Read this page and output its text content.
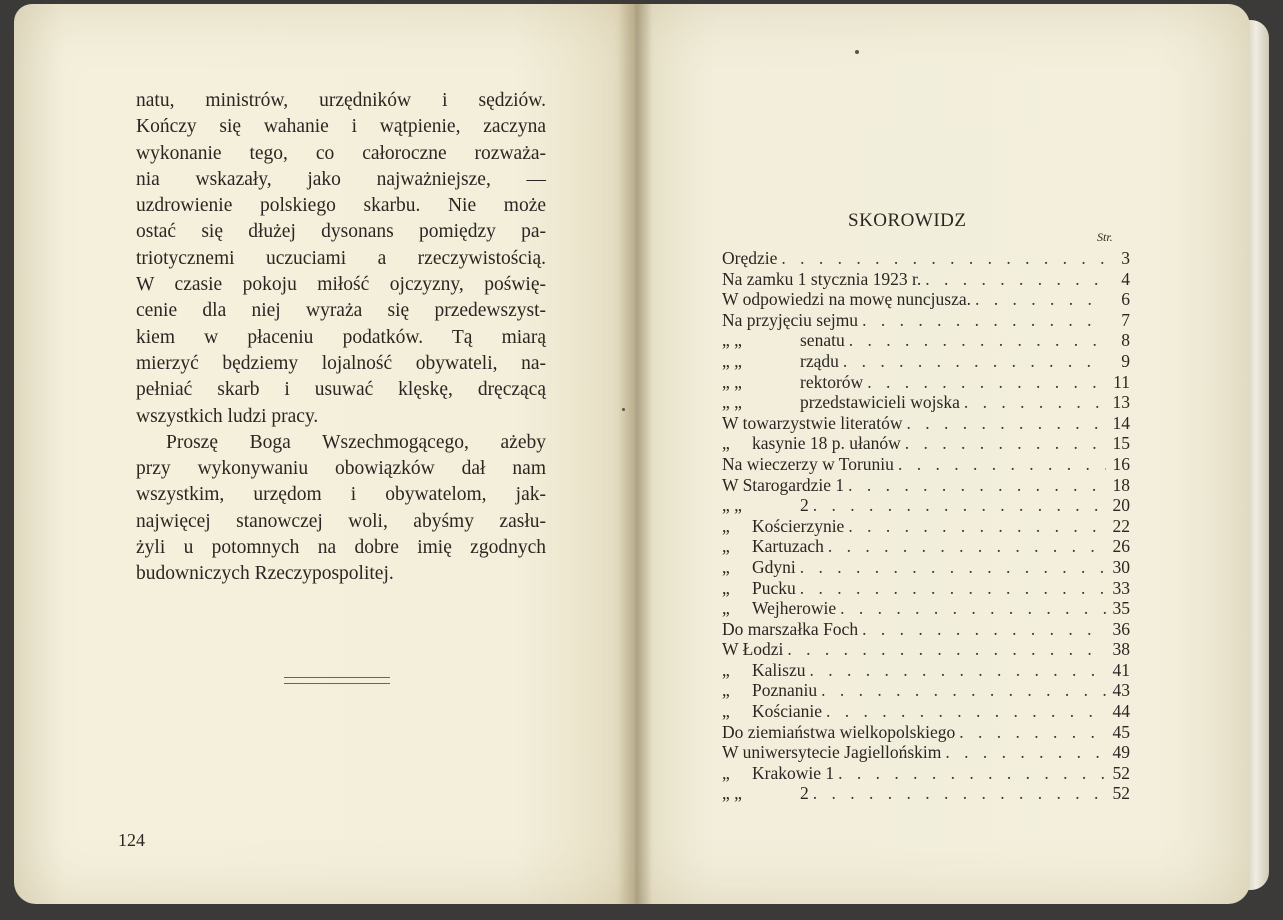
natu, ministrów, urzędników i sędziów.
Kończy się wahanie i wątpienie, zaczyna
wykonanie tego, co całoroczne rozważa-
nia wskazały, jako najważniejsze, —
uzdrowienie polskiego skarbu. Nie może
ostać się dłużej dysonans pomiędzy pa-
triotycznemi uczuciami a rzeczywistością.
W czasie pokoju miłość ojczyzny, poświę-
cenie dla niej wyraża się przedewszyst-
kiem w płaceniu podatków. Tą miarą
mierzyć będziemy lojalność obywateli, na-
pełniać skarb i usuwać klęskę, dręczącą
wszystkich ludzi pracy.
Proszę Boga Wszechmogącego, ażeby
przy wykonywaniu obowiązków dał nam
wszystkim, urzędom i obywatelom, jak-
najwięcej stanowczej woli, abyśmy zasłu-
żyli u potomnych na dobre imię zgodnych
budowniczych Rzeczypospolitej.
124
SKOROWIDZ
Str.
Orędzie . . .	3
Na zamku 1 stycznia 1923 r. . . .	4
W odpowiedzi na mowę nuncjusza. . . .	6
Na przyjęciu sejmu . . .	7
„ „	senatu . . .	8
„ „	rządu . . .	9
„ „	rektorów . . .	11
„ „	przedstawicieli wojska . . .	13
W towarzystwie literatów . . .	14
„ kasynie 18 p. ułanów . . .	15
Na wieczerzy w Toruniu . . .	16
W Starogardzie 1 . . .	18
„ „	2 . . .	20
„ Kościerzynie . . .	22
„ Kartuzach . . .	26
„ Gdyni . . .	30
„ Pucku . . .	33
„ Wejherowie . . .	35
Do marszałka Foch . . .	36
W Łodzi . . .	38
„ Kaliszu . . .	41
„ Poznaniu . . .	43
„ Kościanie . . .	44
Do ziemiaństwa wielkopolskiego . . .	45
W uniwersytecie Jagiellońskim . . .	49
„ Krakowie 1 . . .	52
„ „	2 . . .	52
